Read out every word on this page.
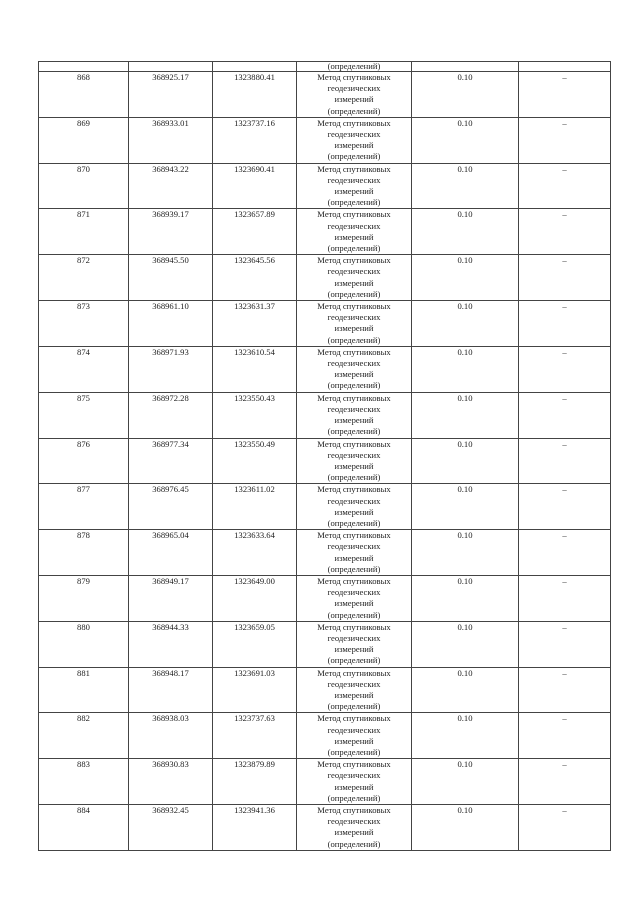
			(определений)		
868	368925.17	1323880.41	Метод спутниковых геодезических измерений (определений)	0.10	–
869	368933.01	1323737.16	Метод спутниковых геодезических измерений (определений)	0.10	–
870	368943.22	1323690.41	Метод спутниковых геодезических измерений (определений)	0.10	–
871	368939.17	1323657.89	Метод спутниковых геодезических измерений (определений)	0.10	–
872	368945.50	1323645.56	Метод спутниковых геодезических измерений (определений)	0.10	–
873	368961.10	1323631.37	Метод спутниковых геодезических измерений (определений)	0.10	–
874	368971.93	1323610.54	Метод спутниковых геодезических измерений (определений)	0.10	–
875	368972.28	1323550.43	Метод спутниковых геодезических измерений (определений)	0.10	–
876	368977.34	1323550.49	Метод спутниковых геодезических измерений (определений)	0.10	–
877	368976.45	1323611.02	Метод спутниковых геодезических измерений (определений)	0.10	–
878	368965.04	1323633.64	Метод спутниковых геодезических измерений (определений)	0.10	–
879	368949.17	1323649.00	Метод спутниковых геодезических измерений (определений)	0.10	–
880	368944.33	1323659.05	Метод спутниковых геодезических измерений (определений)	0.10	–
881	368948.17	1323691.03	Метод спутниковых геодезических измерений (определений)	0.10	–
882	368938.03	1323737.63	Метод спутниковых геодезических измерений (определений)	0.10	–
883	368930.83	1323879.89	Метод спутниковых геодезических измерений (определений)	0.10	–
884	368932.45	1323941.36	Метод спутниковых геодезических измерений (определений)	0.10	–
